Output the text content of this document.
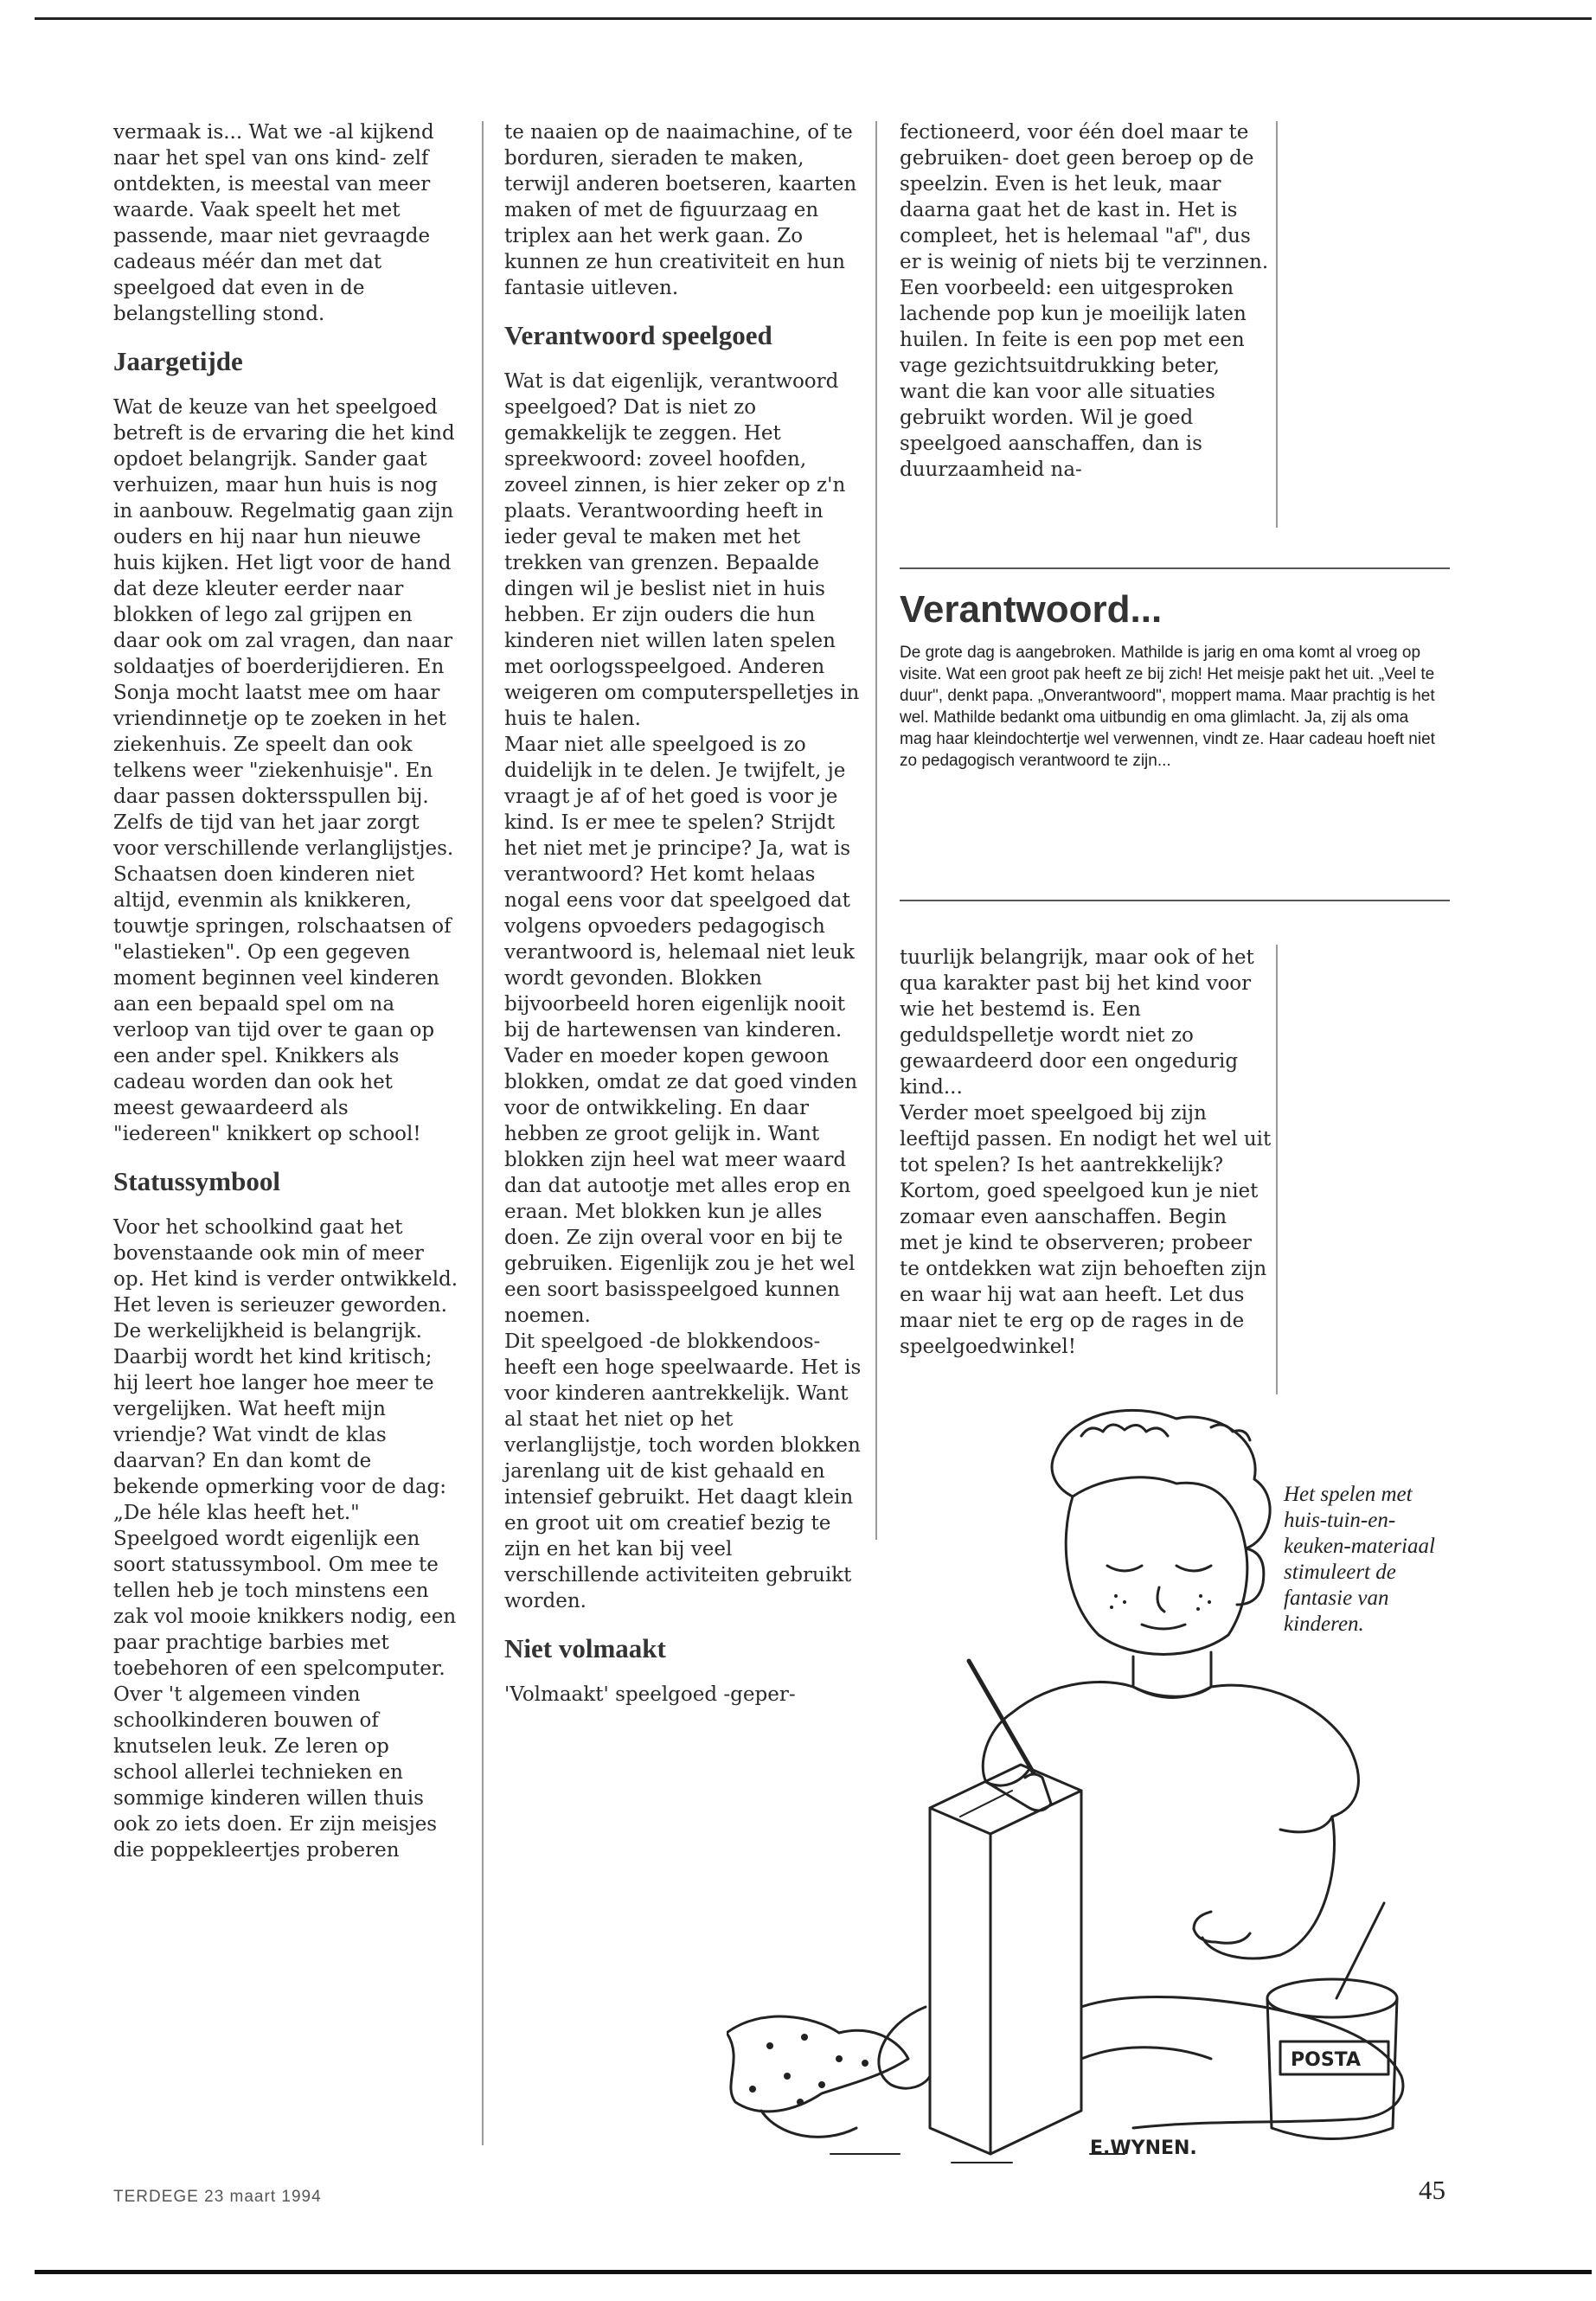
vermaak is... Wat we -al kijkend naar het spel van ons kind- zelf ontdekten, is meestal van meer waarde. Vaak speelt het met passende, maar niet gevraagde cadeaus méér dan met dat speelgoed dat even in de belangstelling stond.

Jaargetijde

Wat de keuze van het speelgoed betreft is de ervaring die het kind opdoet belangrijk. Sander gaat verhuizen, maar hun huis is nog in aanbouw. Regelmatig gaan zijn ouders en hij naar hun nieuwe huis kijken. Het ligt voor de hand dat deze kleuter eerder naar blokken of lego zal grijpen en daar ook om zal vragen, dan naar soldaatjes of boerderijdieren. En Sonja mocht laatst mee om haar vriendinnetje op te zoeken in het ziekenhuis. Ze speelt dan ook telkens weer "ziekenhuisje". En daar passen doktersspullen bij.

Zelfs de tijd van het jaar zorgt voor verschillende verlanglijstjes. Schaatsen doen kinderen niet altijd, evenmin als knikkeren, touwtje springen, rolschaatsen of "elastieken". Op een gegeven moment beginnen veel kinderen aan een bepaald spel om na verloop van tijd over te gaan op een ander spel. Knikkers als cadeau worden dan ook het meest gewaardeerd als "iedereen" knikkert op school!

Statussymbool

Voor het schoolkind gaat het bovenstaande ook min of meer op. Het kind is verder ontwikkeld. Het leven is serieuzer geworden. De werkelijkheid is belangrijk. Daarbij wordt het kind kritisch; hij leert hoe langer hoe meer te vergelijken. Wat heeft mijn vriendje? Wat vindt de klas daarvan? En dan komt de bekende opmerking voor de dag: „De héle klas heeft het." Speelgoed wordt eigenlijk een soort statussymbool. Om mee te tellen heb je toch minstens een zak vol mooie knikkers nodig, een paar prachtige barbies met toebehoren of een spelcomputer.

Over 't algemeen vinden schoolkinderen bouwen of knutselen leuk. Ze leren op school allerlei technieken en sommige kinderen willen thuis ook zo iets doen. Er zijn meisjes die poppekleertjes proberen

te naaien op de naaimachine, of te borduren, sieraden te maken, terwijl anderen boetseren, kaarten maken of met de figuurzaag en triplex aan het werk gaan. Zo kunnen ze hun creativiteit en hun fantasie uitleven.

Verantwoord speelgoed

Wat is dat eigenlijk, verantwoord speelgoed? Dat is niet zo gemakkelijk te zeggen. Het spreekwoord: zoveel hoofden, zoveel zinnen, is hier zeker op z'n plaats. Verantwoording heeft in ieder geval te maken met het trekken van grenzen. Bepaalde dingen wil je beslist niet in huis hebben. Er zijn ouders die hun kinderen niet willen laten spelen met oorlogsspeelgoed. Anderen weigeren om computerspelletjes in huis te halen.

Maar niet alle speelgoed is zo duidelijk in te delen. Je twijfelt, je vraagt je af of het goed is voor je kind. Is er mee te spelen? Strijdt het niet met je principe? Ja, wat is verantwoord? Het komt helaas nogal eens voor dat speelgoed dat volgens opvoeders pedagogisch verantwoord is, helemaal niet leuk wordt gevonden. Blokken bijvoorbeeld horen eigenlijk nooit bij de hartewensen van kinderen. Vader en moeder kopen gewoon blokken, omdat ze dat goed vinden voor de ontwikkeling. En daar hebben ze groot gelijk in. Want blokken zijn heel wat meer waard dan dat autootje met alles erop en eraan. Met blokken kun je alles doen. Ze zijn overal voor en bij te gebruiken. Eigenlijk zou je het wel een soort basisspeelgoed kunnen noemen.

Dit speelgoed -de blokkendoos- heeft een hoge speelwaarde. Het is voor kinderen aantrekkelijk. Want al staat het niet op het verlanglijstje, toch worden blokken jarenlang uit de kist gehaald en intensief gebruikt. Het daagt klein en groot uit om creatief bezig te zijn en het kan bij veel verschillende activiteiten gebruikt worden.

Niet volmaakt

'Volmaakt' speelgoed -geper-

fectioneerd, voor één doel maar te gebruiken- doet geen beroep op de speelzin. Even is het leuk, maar daarna gaat het de kast in. Het is compleet, het is helemaal "af", dus er is weinig of niets bij te verzinnen. Een voorbeeld: een uitgesproken lachende pop kun je moeilijk laten huilen. In feite is een pop met een vage gezichtsuitdrukking beter, want die kan voor alle situaties gebruikt worden. Wil je goed speelgoed aanschaffen, dan is duurzaamheid na-

Verantwoord...

De grote dag is aangebroken. Mathilde is jarig en oma komt al vroeg op visite. Wat een groot pak heeft ze bij zich! Het meisje pakt het uit. „Veel te duur", denkt papa. „Onverantwoord", moppert mama. Maar prachtig is het wel. Mathilde bedankt oma uitbundig en oma glimlacht. Ja, zij als oma mag haar kleindochtertje wel verwennen, vindt ze. Haar cadeau hoeft niet zo pedagogisch verantwoord te zijn...

tuurlijk belangrijk, maar ook of het qua karakter past bij het kind voor wie het bestemd is. Een geduldspelletje wordt niet zo gewaardeerd door een ongedurig kind...

Verder moet speelgoed bij zijn leeftijd passen. En nodigt het wel uit tot spelen? Is het aantrekkelijk? Kortom, goed speelgoed kun je niet zomaar even aanschaffen. Begin met je kind te observeren; probeer te ontdekken wat zijn behoeften zijn en waar hij wat aan heeft. Let dus maar niet te erg op de rages in de speelgoedwinkel!

Het spelen met huis-tuin-en-keuken-materiaal stimuleert de fantasie van kinderen.

POSTA
E.WYNEN.
TERDEGE 23 maart 1994	45
